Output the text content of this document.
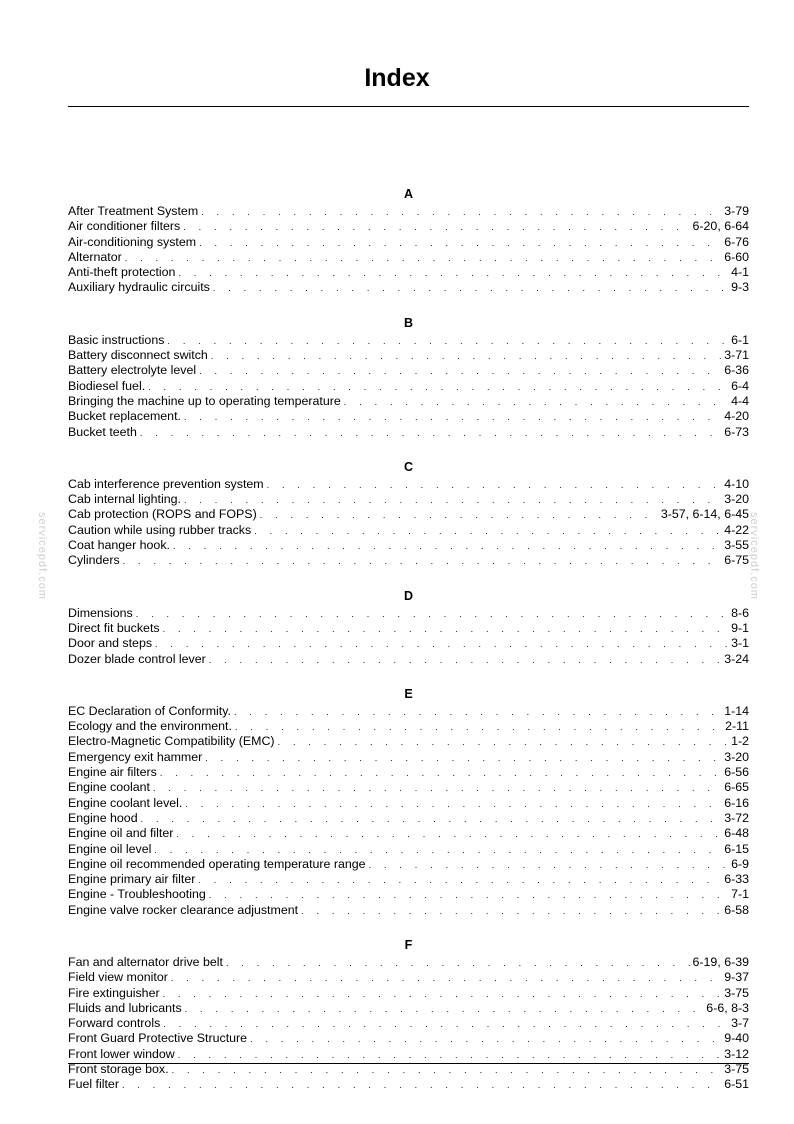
Index
A
After Treatment System . . .	3-79
Air conditioner filters . . .	6-20, 6-64
Air-conditioning system . . .	6-76
Alternator . . .	6-60
Anti-theft protection . . .	4-1
Auxiliary hydraulic circuits . . .	9-3
B
Basic instructions . . .	6-1
Battery disconnect switch . . .	3-71
Battery electrolyte level . . .	6-36
Biodiesel fuel. . . .	6-4
Bringing the machine up to operating temperature . . .	4-4
Bucket replacement. . . .	4-20
Bucket teeth . . .	6-73
C
Cab interference prevention system . . .	4-10
Cab internal lighting. . . .	3-20
Cab protection (ROPS and FOPS) . . .	3-57, 6-14, 6-45
Caution while using rubber tracks . . .	4-22
Coat hanger hook. . . .	3-55
Cylinders . . .	6-75
D
Dimensions . . .	8-6
Direct fit buckets . . .	9-1
Door and steps . . .	3-1
Dozer blade control lever . . .	3-24
E
EC Declaration of Conformity. . . .	1-14
Ecology and the environment. . . .	2-11
Electro-Magnetic Compatibility (EMC) . . .	1-2
Emergency exit hammer . . .	3-20
Engine air filters . . .	6-56
Engine coolant . . .	6-65
Engine coolant level. . . .	6-16
Engine hood . . .	3-72
Engine oil and filter . . .	6-48
Engine oil level . . .	6-15
Engine oil recommended operating temperature range . . .	6-9
Engine primary air filter . . .	6-33
Engine - Troubleshooting . . .	7-1
Engine valve rocker clearance adjustment . . .	6-58
F
Fan and alternator drive belt . . .	6-19, 6-39
Field view monitor . . .	9-37
Fire extinguisher . . .	3-75
Fluids and lubricants . . .	6-6, 8-3
Forward controls . . .	3-7
Front Guard Protective Structure . . .	9-40
Front lower window . . .	3-12
Front storage box. . . .	3-75
Fuel filter . . .	6-51
servicepdf.com	servicepdf.com
